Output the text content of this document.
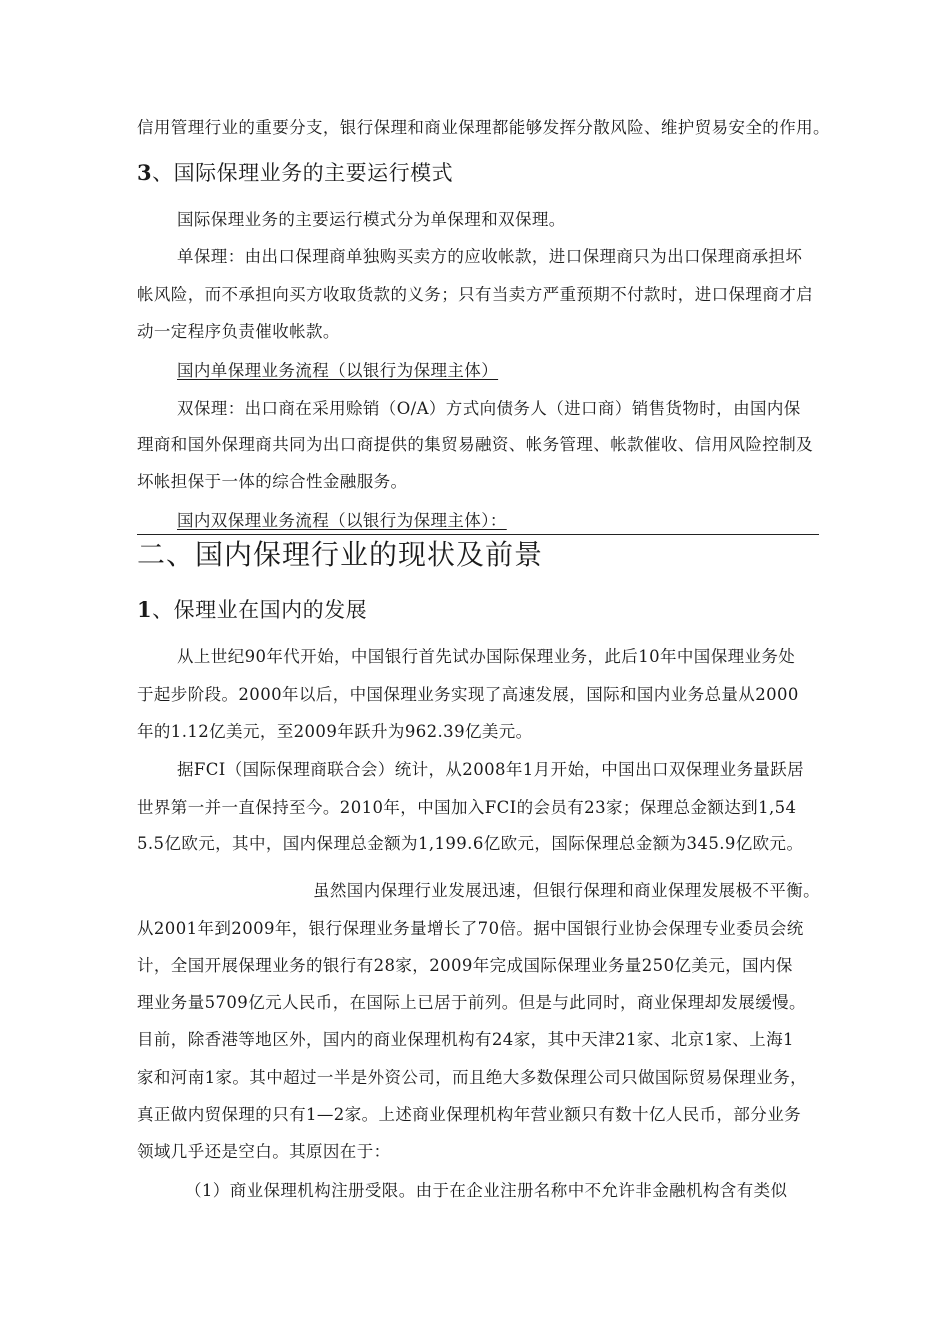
信用管理行业的重要分支，银行保理和商业保理都能够发挥分散风险、维护贸易安全的作用。

3、国际保理业务的主要运行模式

国际保理业务的主要运行模式分为单保理和双保理。

单保理：由出口保理商单独购买卖方的应收帐款，进口保理商只为出口保理商承担坏

帐风险，而不承担向买方收取货款的义务；只有当卖方严重预期不付款时，进口保理商才启

动一定程序负责催收帐款。

国内单保理业务流程（以银行为保理主体）

双保理：出口商在采用赊销（O/A）方式向债务人（进口商）销售货物时，由国内保

理商和国外保理商共同为出口商提供的集贸易融资、帐务管理、帐款催收、信用风险控制及

坏帐担保于一体的综合性金融服务。

国内双保理业务流程（以银行为保理主体）：

二、国内保理行业的现状及前景
1、保理业在国内的发展

从上世纪90年代开始，中国银行首先试办国际保理业务，此后10年中国保理业务处

于起步阶段。2000年以后，中国保理业务实现了高速发展，国际和国内业务总量从2000

年的1.12亿美元，至2009年跃升为962.39亿美元。

据FCI（国际保理商联合会）统计，从2008年1月开始，中国出口双保理业务量跃居

世界第一并一直保持至今。2010年，中国加入FCI的会员有23家；保理总金额达到1,54

5.5亿欧元，其中，国内保理总金额为1,199.6亿欧元，国际保理总金额为345.9亿欧元。

虽然国内保理行业发展迅速，但银行保理和商业保理发展极不平衡。

从2001年到2009年，银行保理业务量增长了70倍。据中国银行业协会保理专业委员会统

计，全国开展保理业务的银行有28家，2009年完成国际保理业务量250亿美元，国内保

理业务量5709亿元人民币，在国际上已居于前列。但是与此同时，商业保理却发展缓慢。

目前，除香港等地区外，国内的商业保理机构有24家，其中天津21家、北京1家、上海1

家和河南1家。其中超过一半是外资公司，而且绝大多数保理公司只做国际贸易保理业务，

真正做内贸保理的只有1—2家。上述商业保理机构年营业额只有数十亿人民币，部分业务

领域几乎还是空白。其原因在于：

（1）商业保理机构注册受限。由于在企业注册名称中不允许非金融机构含有类似
